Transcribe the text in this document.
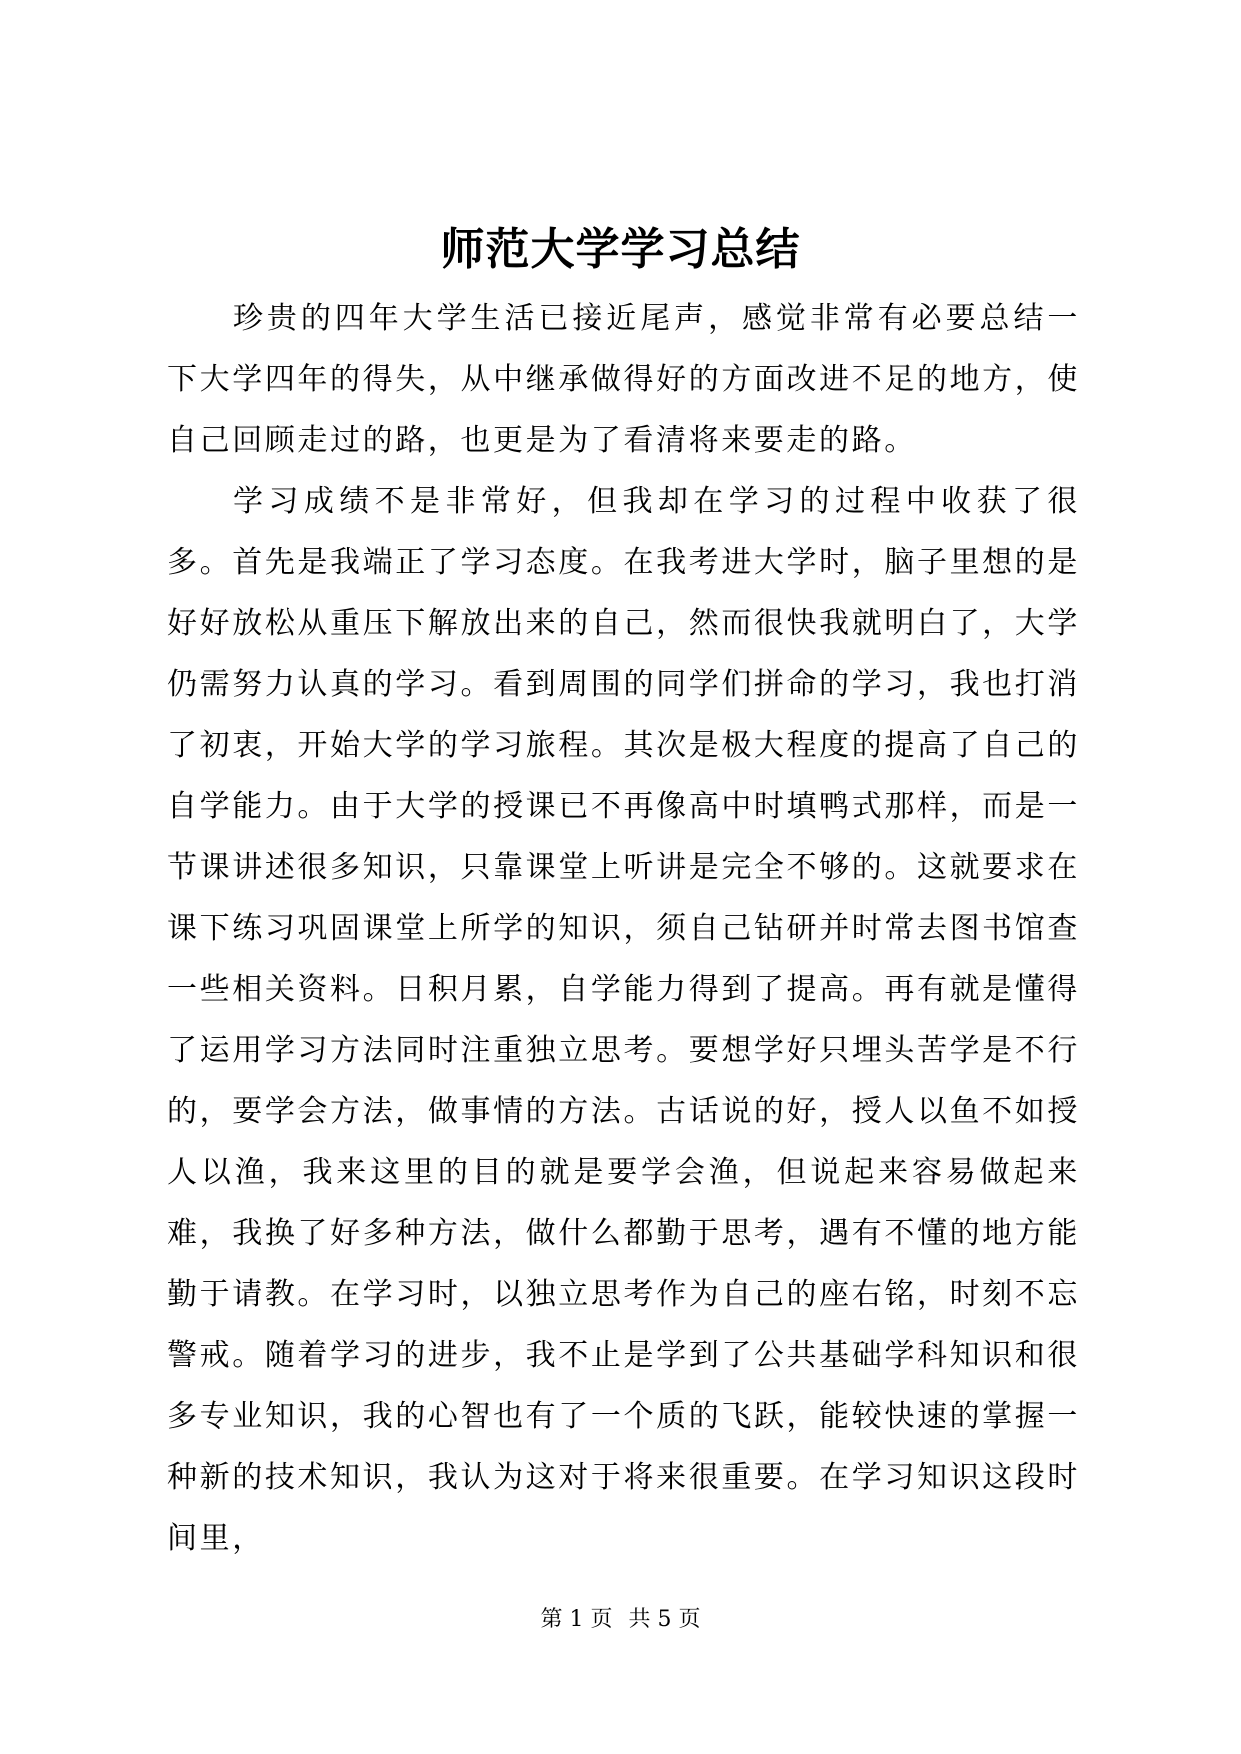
师范大学学习总结

珍贵的四年大学生活已接近尾声，感觉非常有必要总结一下大学四年的得失，从中继承做得好的方面改进不足的地方，使自己回顾走过的路，也更是为了看清将来要走的路。

学习成绩不是非常好，但我却在学习的过程中收获了很多。首先是我端正了学习态度。在我考进大学时，脑子里想的是好好放松从重压下解放出来的自己，然而很快我就明白了，大学仍需努力认真的学习。看到周围的同学们拼命的学习，我也打消了初衷，开始大学的学习旅程。其次是极大程度的提高了自己的自学能力。由于大学的授课已不再像高中时填鸭式那样，而是一节课讲述很多知识，只靠课堂上听讲是完全不够的。这就要求在课下练习巩固课堂上所学的知识，须自己钻研并时常去图书馆查一些相关资料。日积月累，自学能力得到了提高。再有就是懂得了运用学习方法同时注重独立思考。要想学好只埋头苦学是不行的，要学会方法，做事情的方法。古话说的好，授人以鱼不如授人以渔，我来这里的目的就是要学会渔，但说起来容易做起来难，我换了好多种方法，做什么都勤于思考，遇有不懂的地方能勤于请教。在学习时，以独立思考作为自己的座右铭，时刻不忘警戒。随着学习的进步，我不止是学到了公共基础学科知识和很多专业知识，我的心智也有了一个质的飞跃，能较快速的掌握一种新的技术知识，我认为这对于将来很重要。在学习知识这段时间里，

第 1 页 共 5 页
